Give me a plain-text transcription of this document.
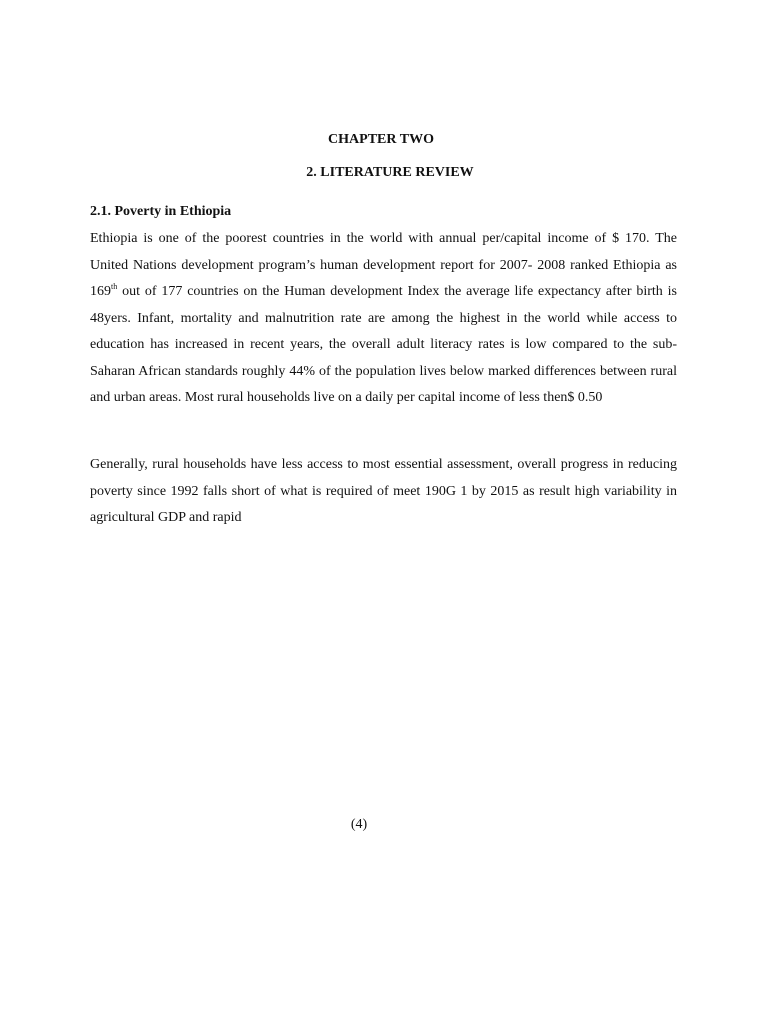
CHAPTER TWO
2. LITERATURE REVIEW
2.1. Poverty in Ethiopia

Ethiopia is one of the poorest countries in the world with annual per/capital income of $ 170. The United Nations development program’s human development report for 2007- 2008 ranked Ethiopia as 169th out of 177 countries on the Human development Index the average life expectancy after birth is 48yers. Infant, mortality and malnutrition rate are among the highest in the world while access to education has increased in recent years, the overall adult literacy rates is low compared to the sub- Saharan African standards roughly 44% of the population lives below marked differences between rural and urban areas. Most rural households live on a daily per capital income of less then$ 0.50

Generally, rural households have less access to most essential assessment, overall progress in reducing poverty since 1992 falls short of what is required of meet 190G 1 by 2015 as result high variability in agricultural GDP and rapid

(4)
